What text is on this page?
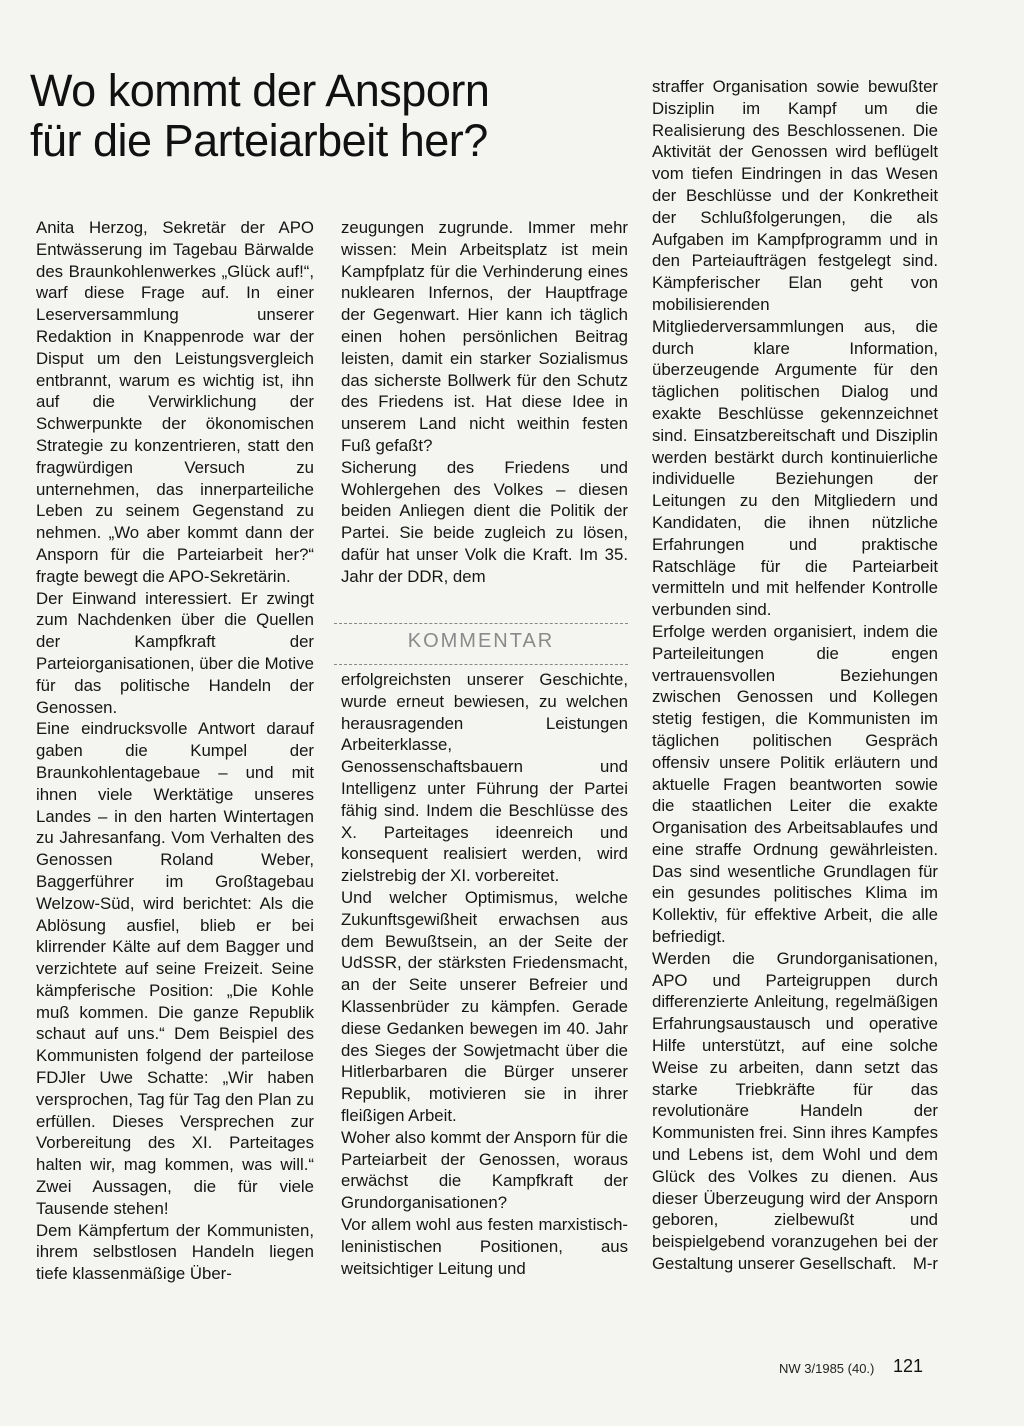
Wo kommt der Ansporn
für die Parteiarbeit her?

Anita Herzog, Sekretär der APO Entwässerung im Tagebau Bärwalde des Braunkohlenwerkes „Glück auf!“, warf diese Frage auf. In einer Leserversammlung unserer Redaktion in Knappenrode war der Disput um den Leistungsvergleich entbrannt, warum es wichtig ist, ihn auf die Verwirklichung der Schwerpunkte der ökonomischen Strategie zu konzentrieren, statt den fragwürdigen Versuch zu unternehmen, das innerparteiliche Leben zu seinem Gegenstand zu nehmen. „Wo aber kommt dann der Ansporn für die Parteiarbeit her?“ fragte bewegt die APO-Sekretärin.

Der Einwand interessiert. Er zwingt zum Nachdenken über die Quellen der Kampfkraft der Parteiorganisationen, über die Motive für das politische Handeln der Genossen.

Eine eindrucksvolle Antwort darauf gaben die Kumpel der Braunkohlentagebaue – und mit ihnen viele Werktätige unseres Landes – in den harten Wintertagen zu Jahresanfang. Vom Verhalten des Genossen Roland Weber, Baggerführer im Großtagebau Welzow-Süd, wird berichtet: Als die Ablösung ausfiel, blieb er bei klirrender Kälte auf dem Bagger und verzichtete auf seine Freizeit. Seine kämpferische Position: „Die Kohle muß kommen. Die ganze Republik schaut auf uns.“ Dem Beispiel des Kommunisten folgend der parteilose FDJler Uwe Schatte: „Wir haben versprochen, Tag für Tag den Plan zu erfüllen. Dieses Versprechen zur Vorbereitung des XI. Parteitages halten wir, mag kommen, was will.“ Zwei Aussagen, die für viele Tausende stehen!

Dem Kämpfertum der Kommunisten, ihrem selbstlosen Handeln liegen tiefe klassenmäßige Über-

zeugungen zugrunde. Immer mehr wissen: Mein Arbeitsplatz ist mein Kampfplatz für die Verhinderung eines nuklearen Infernos, der Hauptfrage der Gegenwart. Hier kann ich täglich einen hohen persönlichen Beitrag leisten, damit ein starker Sozialismus das sicherste Bollwerk für den Schutz des Friedens ist. Hat diese Idee in unserem Land nicht weithin festen Fuß gefaßt?

Sicherung des Friedens und Wohlergehen des Volkes – diesen beiden Anliegen dient die Politik der Partei. Sie beide zugleich zu lösen, dafür hat unser Volk die Kraft. Im 35. Jahr der DDR, dem

KOMMENTAR

erfolgreichsten unserer Geschichte, wurde erneut bewiesen, zu welchen herausragenden Leistungen Arbeiterklasse, Genossenschaftsbauern und Intelligenz unter Führung der Partei fähig sind. Indem die Beschlüsse des X. Parteitages ideenreich und konsequent realisiert werden, wird zielstrebig der XI. vorbereitet.

Und welcher Optimismus, welche Zukunftsgewißheit erwachsen aus dem Bewußtsein, an der Seite der UdSSR, der stärksten Friedensmacht, an der Seite unserer Befreier und Klassenbrüder zu kämpfen. Gerade diese Gedanken bewegen im 40. Jahr des Sieges der Sowjetmacht über die Hitlerbarbaren die Bürger unserer Republik, motivieren sie in ihrer fleißigen Arbeit.

Woher also kommt der Ansporn für die Parteiarbeit der Genossen, woraus erwächst die Kampfkraft der Grundorganisationen?

Vor allem wohl aus festen marxistisch-leninistischen Positionen, aus weitsichtiger Leitung und

straffer Organisation sowie bewußter Disziplin im Kampf um die Realisierung des Beschlossenen. Die Aktivität der Genossen wird beflügelt vom tiefen Eindringen in das Wesen der Beschlüsse und der Konkretheit der Schlußfolgerungen, die als Aufgaben im Kampfprogramm und in den Parteiaufträgen festgelegt sind. Kämpferischer Elan geht von mobilisierenden Mitgliederversammlungen aus, die durch klare Information, überzeugende Argumente für den täglichen politischen Dialog und exakte Beschlüsse gekennzeichnet sind. Einsatzbereitschaft und Disziplin werden bestärkt durch kontinuierliche individuelle Beziehungen der Leitungen zu den Mitgliedern und Kandidaten, die ihnen nützliche Erfahrungen und praktische Ratschläge für die Parteiarbeit vermitteln und mit helfender Kontrolle verbunden sind.

Erfolge werden organisiert, indem die Parteileitungen die engen vertrauensvollen Beziehungen zwischen Genossen und Kollegen stetig festigen, die Kommunisten im täglichen politischen Gespräch offensiv unsere Politik erläutern und aktuelle Fragen beantworten sowie die staatlichen Leiter die exakte Organisation des Arbeitsablaufes und eine straffe Ordnung gewährleisten. Das sind wesentliche Grundlagen für ein gesundes politisches Klima im Kollektiv, für effektive Arbeit, die alle befriedigt.

Werden die Grundorganisationen, APO und Parteigruppen durch differenzierte Anleitung, regelmäßigen Erfahrungsaustausch und operative Hilfe unterstützt, auf eine solche Weise zu arbeiten, dann setzt das starke Triebkräfte für das revolutionäre Handeln der Kommunisten frei. Sinn ihres Kampfes und Lebens ist, dem Wohl und dem Glück des Volkes zu dienen. Aus dieser Überzeugung wird der Ansporn geboren, zielbewußt und beispielgebend voranzugehen bei der Gestaltung unserer Gesellschaft. M-r

NW 3/1985 (40.) 121
